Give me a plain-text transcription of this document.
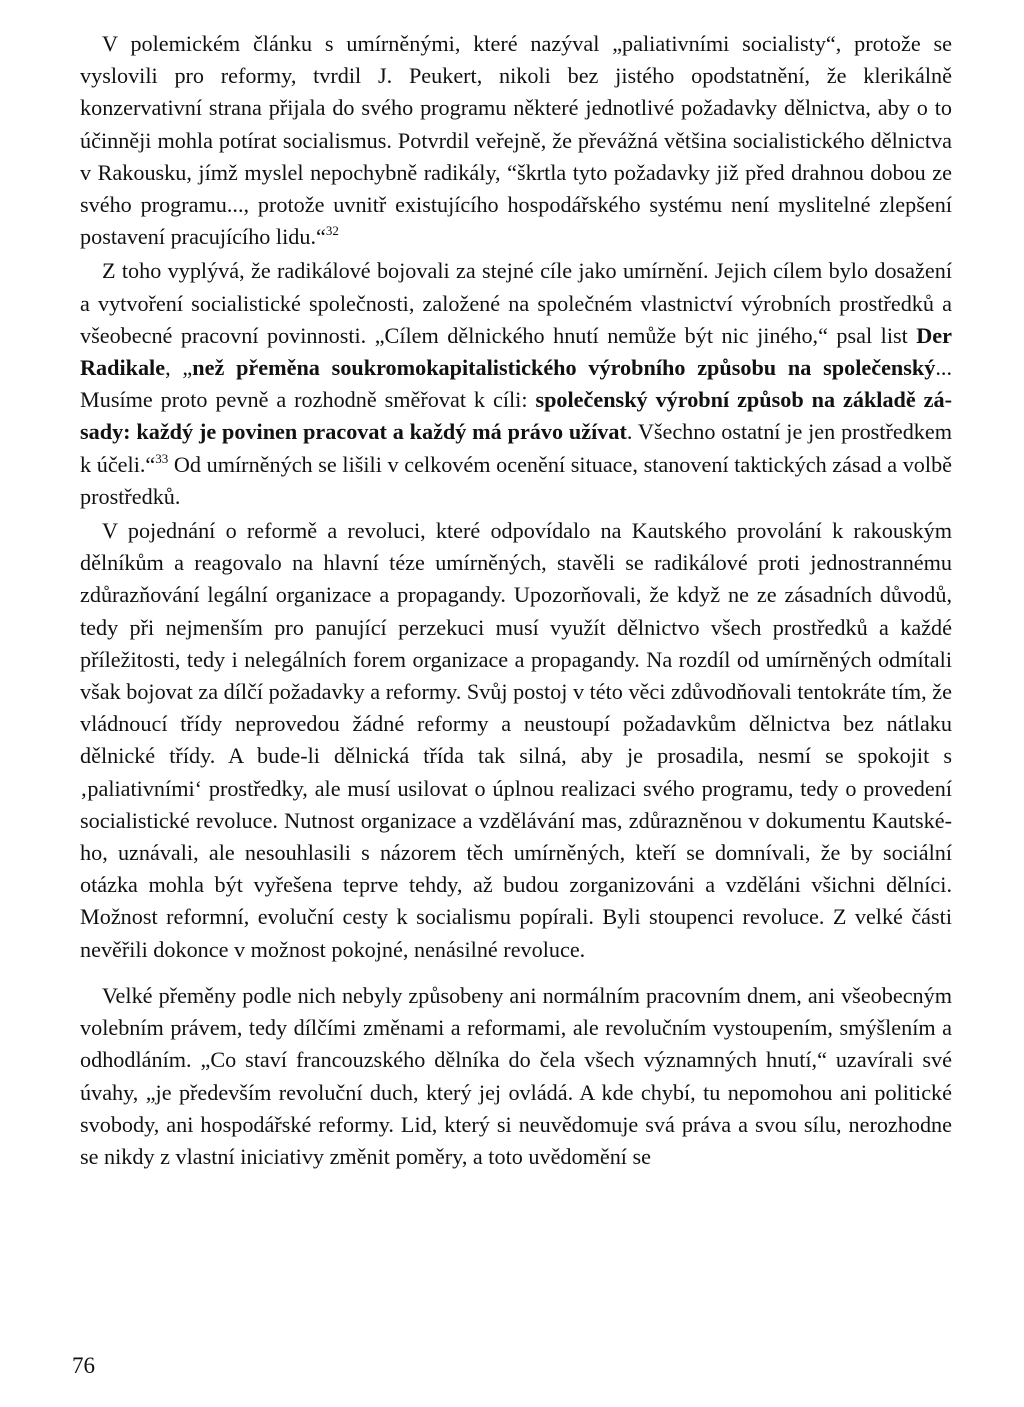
V polemickém článku s umírněnými, které nazýval „paliativními socialisty“, protože se vyslovili pro reformy, tvrdil J. Peukert, nikoli bez jistého opodstatnění, že klerikálně konzervativní strana přijala do svého programu některé jednotlivé požadavky dělnictva, aby o to účinněji mohla potírat socialismus. Potvrdil veřejně, že převážná většina socialistického dělnictva v Rakousku, jímž myslel nepochybně radikály, “škrtla tyto požadavky již před drahnou dobou ze svého programu..., protože uvnitř existujícího hospodářského systému není myslitelné zlepšení postavení pracujícího lidu.“$^{32}$

Z toho vyplývá, že radikálové bojovali za stejné cíle jako umírnění. Jejich cílem bylo dosažení a vytvoření socialistické společnosti, založené na společném vlastnictví výrobních prostředků a všeobecné pracovní povinnosti. „Cílem dělnického hnutí nemůže být nic jiného,“ psal list Der Radikale, „než přeměna soukromokapitalistického výrobního způsobu na společenský... Musíme proto pevně a rozhodně směřovat k cíli: společenský výrobní způsob na základě zásady: každý je povinen pracovat a každý má právo užívat. Všechno ostatní je jen prostředkem k účeli.“$^{33}$ Od umírněných se lišili v celkovém ocenění situace, stanovení taktických zásad a volbě prostředků.

V pojednání o reformě a revoluci, které odpovídalo na Kautského provolání k rakouským dělníkům a reagovalo na hlavní téze umírněných, stavěli se radikálové proti jednostrannému zdůrazňování legální organizace a propagandy. Upozorňovali, že když ne ze zásadních důvodů, tedy při nejmenším pro panující perzekuci musí využít dělnictvo všech prostředků a každé příležitosti, tedy i nelegálních forem organizace a propagandy. Na rozdíl od umírněných odmítali však bojovat za dílčí požadavky a reformy. Svůj postoj v této věci zdůvodňovali tentokráte tím, že vládnoucí třídy neprovedou žádné reformy a neustoupí požadavkům dělnictva bez nátlaku dělnické třídy. A bude-li dělnická třída tak silná, aby je prosadila, nesmí se spokojit s ‚paliativními‘ prostředky, ale musí usilovat o úplnou realizaci svého programu, tedy o provedení socialistické revoluce. Nutnost organizace a vzdělávání mas, zdůrazněnou v dokumentu Kautského, uznávali, ale nesouhlasili s názorem těch umírněných, kteří se domnívali, že by sociální otázka mohla být vyřešena teprve tehdy, až budou zorganizováni a vzděláni všichni dělníci. Možnost reformní, evoluční cesty k socialismu popírali. Byli stoupenci revoluce. Z velké části nevěřili dokonce v možnost pokojné, nenásilné revoluce.

Velké přeměny podle nich nebyly způsobeny ani normálním pracovním dnem, ani všeobecným volebním právem, tedy dílčími změnami a reformami, ale revolučním vystoupením, smýšlením a odhodláním. „Co staví francouzského dělníka do čela všech významných hnutí,“ uzavírali své úvahy, „je především revoluční duch, který jej ovládá. A kde chybí, tu nepomohou ani politické svobody, ani hospodářské reformy. Lid, který si neuvědomuje svá práva a svou sílu, nerozhodne se nikdy z vlastní iniciativy změnit poměry, a toto uvědomění se

76
